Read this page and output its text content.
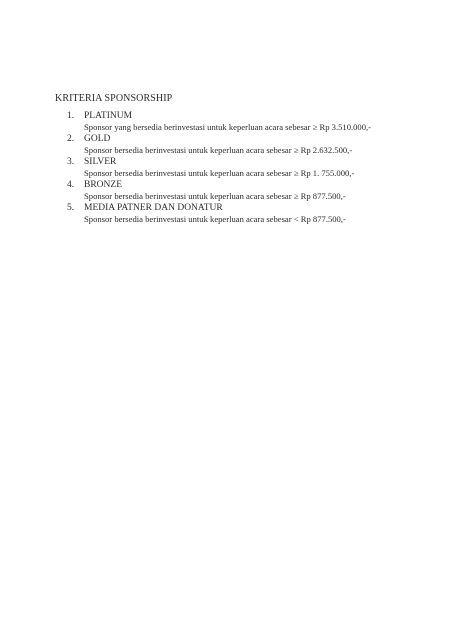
KRITERIA SPONSORSHIP
1. PLATINUM
Sponsor yang bersedia berinvestasi untuk keperluan acara sebesar ≥ Rp 3.510.000,-
2. GOLD
Sponsor bersedia berinvestasi untuk keperluan acara sebesar ≥ Rp 2.632.500,-
3. SILVER
Sponsor bersedia berinvestasi untuk keperluan acara sebesar ≥ Rp 1. 755.000,-
4. BRONZE
Sponsor bersedia berinvestasi untuk keperluan acara sebesar ≥ Rp 877.500,-
5. MEDIA PATNER DAN DONATUR
Sponsor bersedia berinvestasi untuk keperluan acara sebesar < Rp 877.500,-
